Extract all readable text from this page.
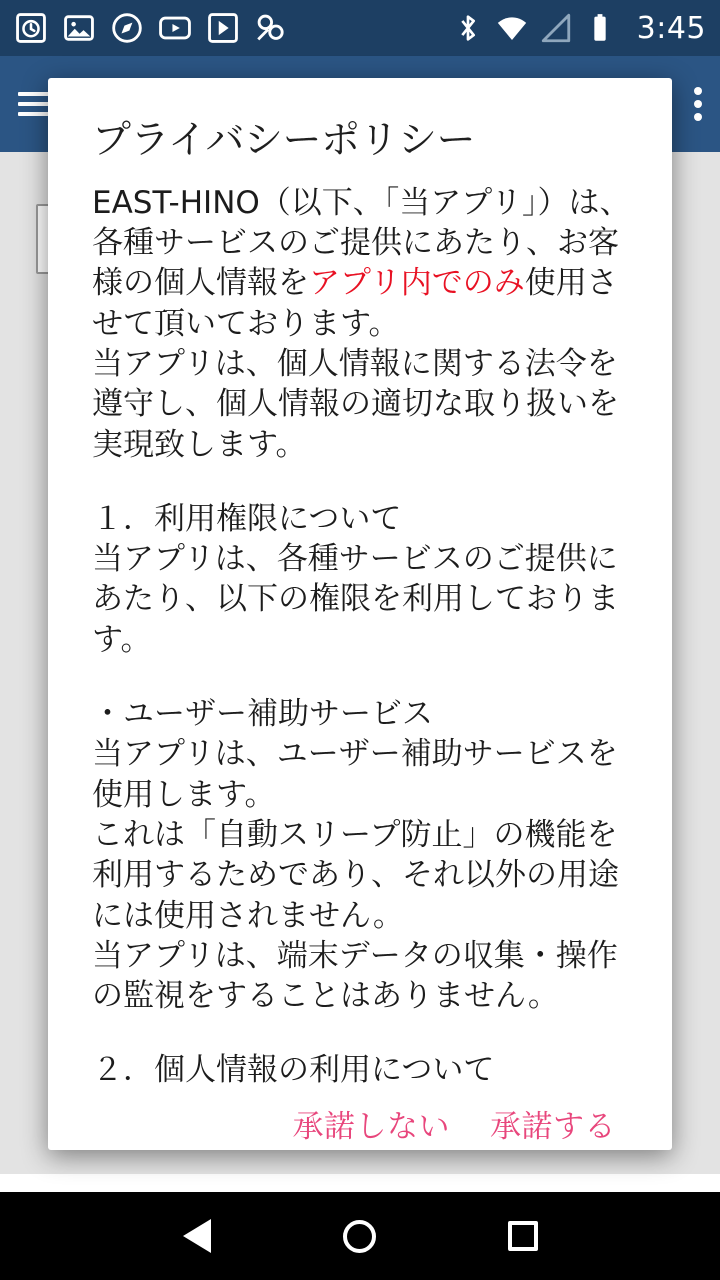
3:45
プライバシーポリシー

EAST-HINO（以下、「当アプリ」）は、各種サービスのご提供にあたり、お客様の個人情報をアプリ内でのみ使用させて頂いております。

当アプリは、個人情報に関する法令を遵守し、個人情報の適切な取り扱いを実現致します。

１．利用権限について

当アプリは、各種サービスのご提供にあたり、以下の権限を利用しております。

・ユーザー補助サービス

当アプリは、ユーザー補助サービスを使用します。

これは「自動スリープ防止」の機能を利用するためであり、それ以外の用途には使用されません。

当アプリは、端末データの収集・操作の監視をすることはありません。

２．個人情報の利用について

承諾しない	承諾する
